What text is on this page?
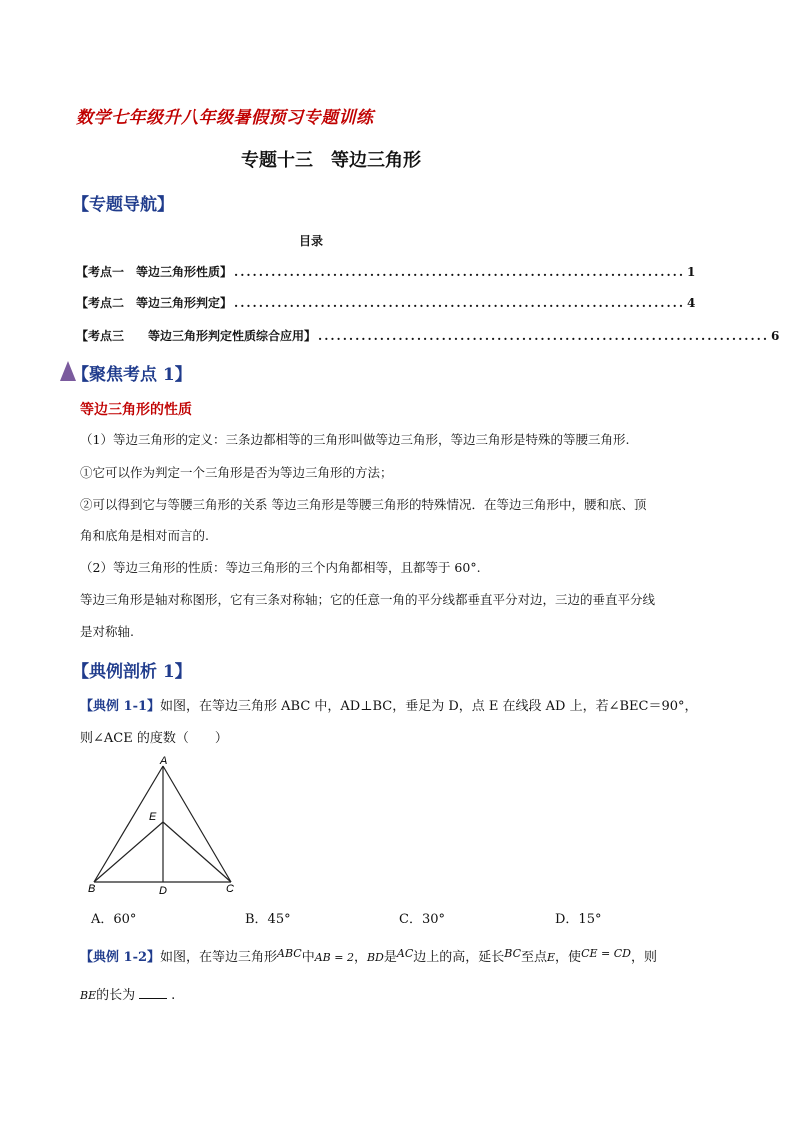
数学七年级升八年级暑假预习专题训练
专题十三　等边三角形
【专题导航】
目录
【考点一　等边三角形性质】 ......................................................................... 1
【考点二　等边三角形判定】 ......................................................................... 4
【考点三　　等边三角形判定性质综合应用】 ......................................................................... 6
【聚焦考点 1】
等边三角形的性质
（1）等边三角形的定义：三条边都相等的三角形叫做等边三角形，等边三角形是特殊的等腰三角形.
①它可以作为判定一个三角形是否为等边三角形的方法；
②可以得到它与等腰三角形的关系 等边三角形是等腰三角形的特殊情况．在等边三角形中，腰和底、顶
角和底角是相对而言的.
（2）等边三角形的性质：等边三角形的三个内角都相等，且都等于 60°.
等边三角形是轴对称图形，它有三条对称轴；它的任意一角的平分线都垂直平分对边，三边的垂直平分线
是对称轴.
【典例剖析 1】
【典例 1-1】如图，在等边三角形 ABC 中，AD⊥BC，垂足为 D，点 E 在线段 AD 上，若∠BEC＝90°，
则∠ACE 的度数（　　）
A
E
B	D	C
A．60°	B．45°	C．30°	D．15°
【典例 1-2】如图，在等边三角形$^{ABC}$中AB = 2，BD是$^{AC}$边上的高，延长$^{BC}$至点E，使$^{CE = CD}$，则
BE的长为	.
